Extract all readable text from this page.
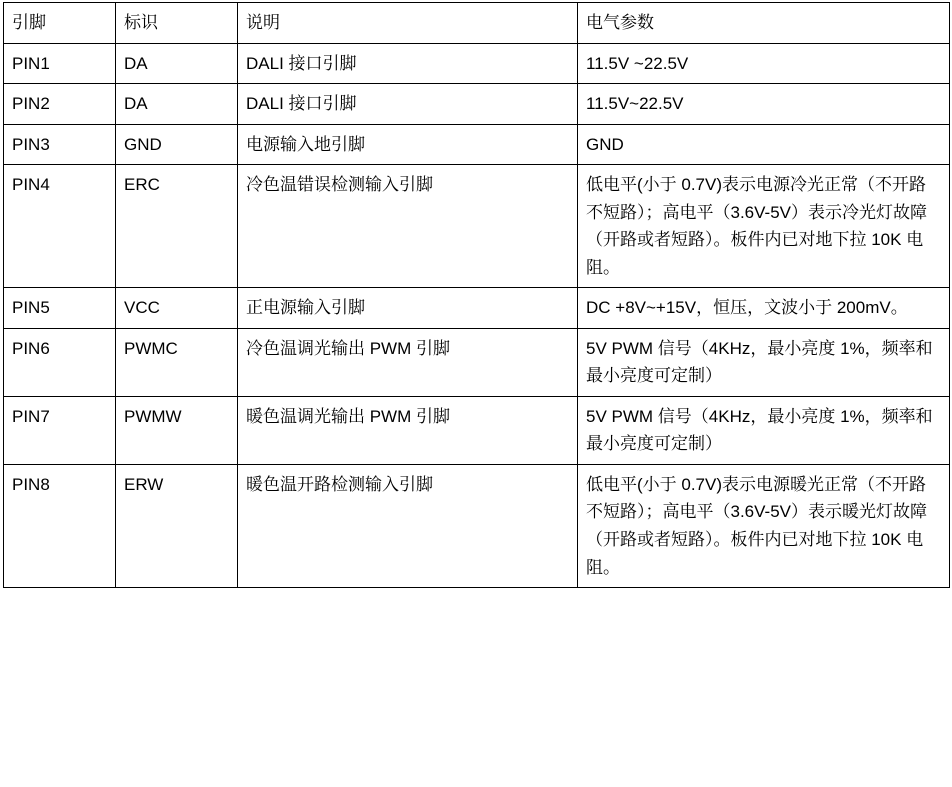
引脚	标识	说明	电气参数

PIN1	DA	DALI 接口引脚	11.5V ~22.5V

PIN2	DA	DALI 接口引脚	11.5V~22.5V

PIN3	GND	电源输入地引脚	GND

PIN4	ERC	冷色温错误检测输入引脚	低电平(小于 0.7V)表示电源冷光正常（不开路不短路）；高电平（3.6V-5V）表示冷光灯故障（开路或者短路）。板件内已对地下拉 10K 电阻。

PIN5	VCC	正电源输入引脚	DC +8V~+15V，恒压，文波小于 200mV。

PIN6	PWMC	冷色温调光输出 PWM 引脚	5V PWM 信号（4KHz，最小亮度 1%，频率和最小亮度可定制）

PIN7	PWMW	暖色温调光输出 PWM 引脚	5V PWM 信号（4KHz，最小亮度 1%，频率和最小亮度可定制）

PIN8	ERW	暖色温开路检测输入引脚	低电平(小于 0.7V)表示电源暖光正常（不开路不短路）；高电平（3.6V-5V）表示暖光灯故障（开路或者短路）。板件内已对地下拉 10K 电阻。
